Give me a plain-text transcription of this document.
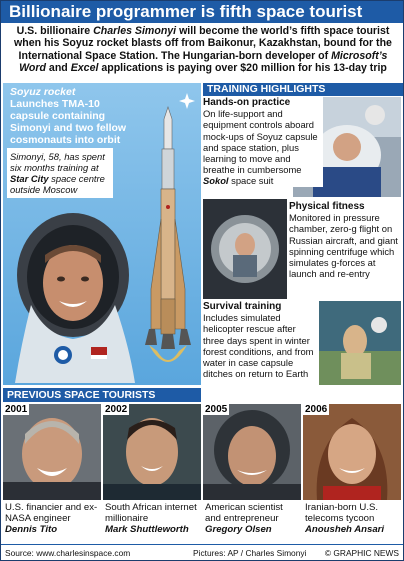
Billionaire programmer is fifth space tourist
U.S. billionaire Charles Simonyi will become the world’s fifth space tourist when his Soyuz rocket blasts off from Baikonur, Kazakhstan, bound for the International Space Station. The Hungarian-born developer of Microsoft’s Word and Excel applications is paying over $20 million for his 13-day trip
Soyuz rocket
Launches TMA-10 capsule containing Simonyi and two fellow cosmonauts into orbit
Simonyi, 58, has spent six months training at Star City space centre outside Moscow
TRAINING HIGHLIGHTS
Hands-on practice
On life-support and equipment controls aboard mock-ups of Soyuz capsule and space station, plus learning to move and breathe in cumbersome Sokol space suit
Physical fitness
Monitored in pressure chamber, zero-g flight on Russian aircraft, and giant spinning centrifuge which simulates g-forces at launch and re-entry
Survival training
Includes simulated helicopter rescue after three days spent in winter forest conditions, and from water in case capsule ditches on return to Earth
PREVIOUS SPACE TOURISTS
2001
U.S. financier and ex-NASA engineer
Dennis Tito
2002
South African internet millionaire
Mark Shuttleworth
2005
American scientist and entrepreneur
Gregory Olsen
2006
Iranian-born U.S. telecoms tycoon
Anousheh Ansari
Source: www.charlesinspace.com	Pictures: AP / Charles Simonyi © GRAPHIC NEWS
